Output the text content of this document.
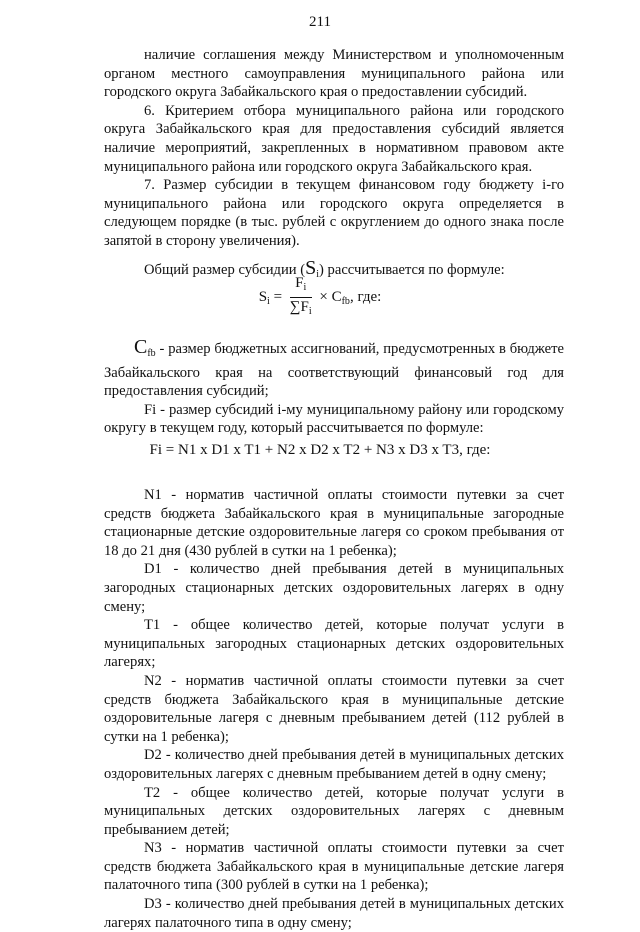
211

наличие соглашения между Министерством и уполномоченным органом местного самоуправления муниципального района или городского округа Забайкальского края о предоставлении субсидий.

6. Критерием отбора муниципального района или городского округа Забайкальского края для предоставления субсидий является наличие мероприятий, закрепленных в нормативном правовом акте муниципального района или городского округа Забайкальского края.

7. Размер субсидии в текущем финансовом году бюджету i-го муниципального района или городского округа определяется в следующем порядке (в тыс. рублей с округлением до одного знака после запятой в сторону увеличения).

Общий размер субсидии $(S_i)$ рассчитывается по формуле:

$S_i = \frac{F_i}{\sum F_i} \times C_{fb}$, где:

$C_{fb}$ - размер бюджетных ассигнований, предусмотренных в бюджете Забайкальского края на соответствующий финансовый год для предоставления субсидий;

Fi - размер субсидий i-му муниципальному району или городскому округу в текущем году, который рассчитывается по формуле:

Fi = N1 x D1 x T1 + N2 x D2 x T2 + N3 x D3 x T3, где:

N1 - норматив частичной оплаты стоимости путевки за счет средств бюджета Забайкальского края в муниципальные загородные стационарные детские оздоровительные лагеря со сроком пребывания от 18 до 21 дня (430 рублей в сутки на 1 ребенка);

D1 - количество дней пребывания детей в муниципальных загородных стационарных детских оздоровительных лагерях в одну смену;

Т1 - общее количество детей, которые получат услуги в муниципальных загородных стационарных детских оздоровительных лагерях;

N2 - норматив частичной оплаты стоимости путевки за счет средств бюджета Забайкальского края в муниципальные детские оздоровительные лагеря с дневным пребыванием детей (112 рублей в сутки на 1 ребенка);

D2 - количество дней пребывания детей в муниципальных детских оздоровительных лагерях с дневным пребыванием детей в одну смену;

Т2 - общее количество детей, которые получат услуги в муниципальных детских оздоровительных лагерях с дневным пребыванием детей;

N3 - норматив частичной оплаты стоимости путевки за счет средств бюджета Забайкальского края в муниципальные детские лагеря палаточного типа (300 рублей в сутки на 1 ребенка);

D3 - количество дней пребывания детей в муниципальных детских лагерях палаточного типа в одну смену;
